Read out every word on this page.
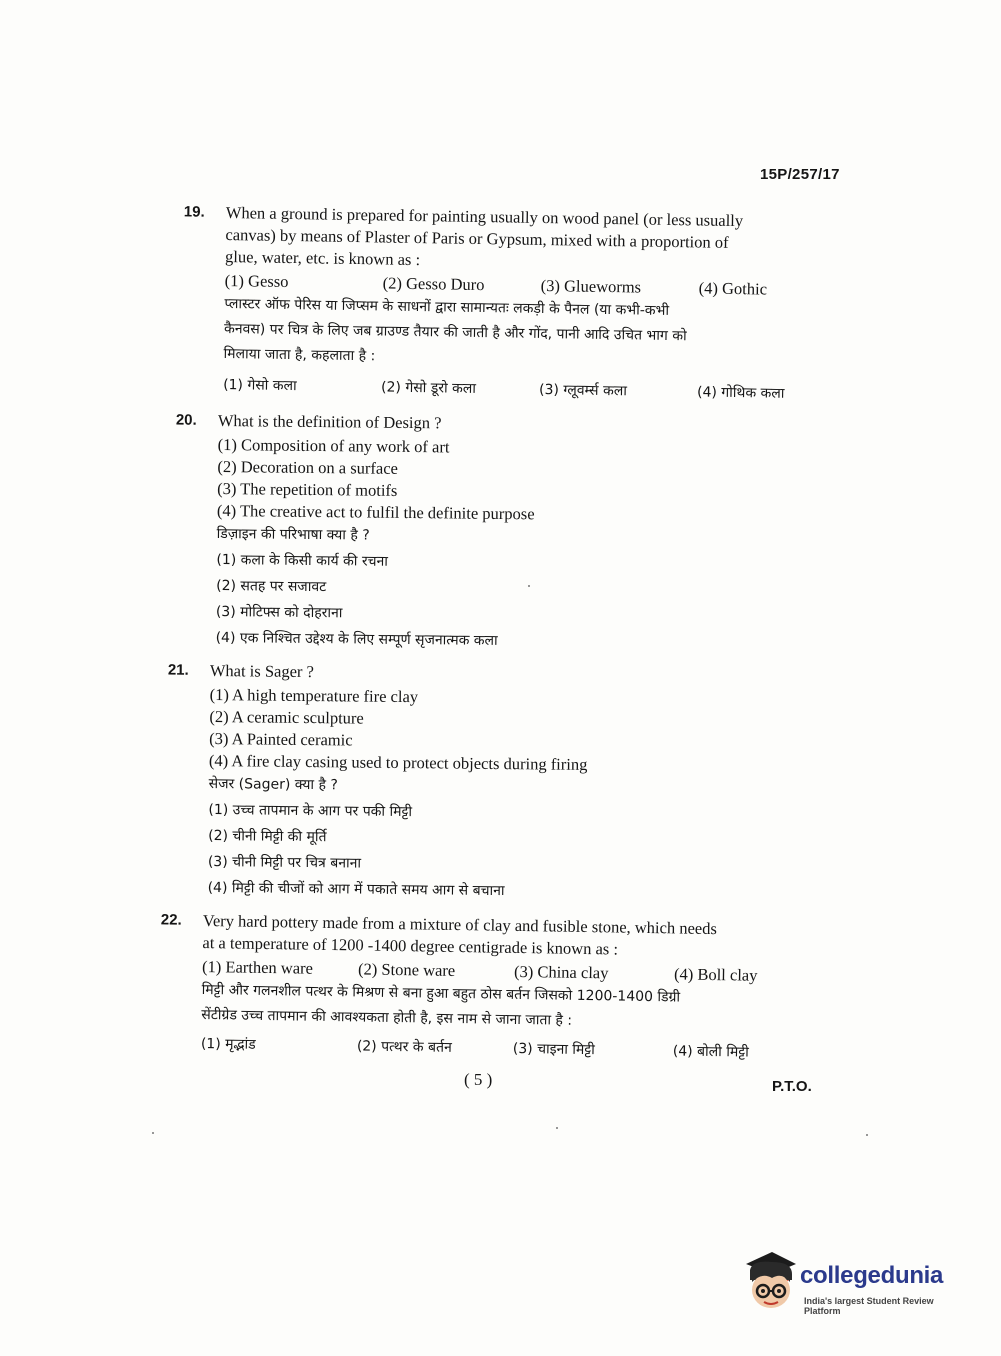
15P/257/17
19. When a ground is prepared for painting usually on wood panel (or less usually

canvas) by means of Plaster of Paris or Gypsum, mixed with a proportion of

glue, water, etc. is known as :

(1) Gesso	(2) Gesso Duro	(3) Glueworms	(4) Gothic

प्लास्टर ऑफ पेरिस या जिप्सम के साधनों द्वारा सामान्यतः लकड़ी के पैनल (या कभी-कभी

कैनवस) पर चित्र के लिए जब ग्राउण्ड तैयार की जाती है और गोंद, पानी आदि उचित भाग को

मिलाया जाता है, कहलाता है :

(1) गेसो कला	(2) गेसो डूरो कला	(3) ग्लूवर्म्स कला	(4) गोथिक कला
20. What is the definition of Design ?

(1) Composition of any work of art

(2) Decoration on a surface

(3) The repetition of motifs

(4) The creative act to fulfil the definite purpose

डिज़ाइन की परिभाषा क्या है ?

(1) कला के किसी कार्य की रचना

(2) सतह पर सजावट

(3) मोटिफ्स को दोहराना

(4) एक निश्चित उद्देश्य के लिए सम्पूर्ण सृजनात्मक कला

21. What is Sager ?

(1) A high temperature fire clay

(2) A ceramic sculpture

(3) A Painted ceramic

(4) A fire clay casing used to protect objects during firing

सेजर (Sager) क्या है ?

(1) उच्च तापमान के आग पर पकी मिट्टी

(2) चीनी मिट्टी की मूर्ति

(3) चीनी मिट्टी पर चित्र बनाना

(4) मिट्टी की चीजों को आग में पकाते समय आग से बचाना

22. Very hard pottery made from a mixture of clay and fusible stone, which needs

at a temperature of 1200 -1400 degree centigrade is known as :

(1) Earthen ware	(2) Stone ware	(3) China clay	(4) Boll clay

मिट्टी और गलनशील पत्थर के मिश्रण से बना हुआ बहुत ठोस बर्तन जिसको 1200-1400 डिग्री

सेंटीग्रेड उच्च तापमान की आवश्यकता होती है, इस नाम से जाना जाता है :

(1) मृद्भांड	(2) पत्थर के बर्तन	(3) चाइना मिट्टी	(4) बोली मिट्टी
( 5 )	P.T.O.
collegedunia
India's largest Student Review Platform
